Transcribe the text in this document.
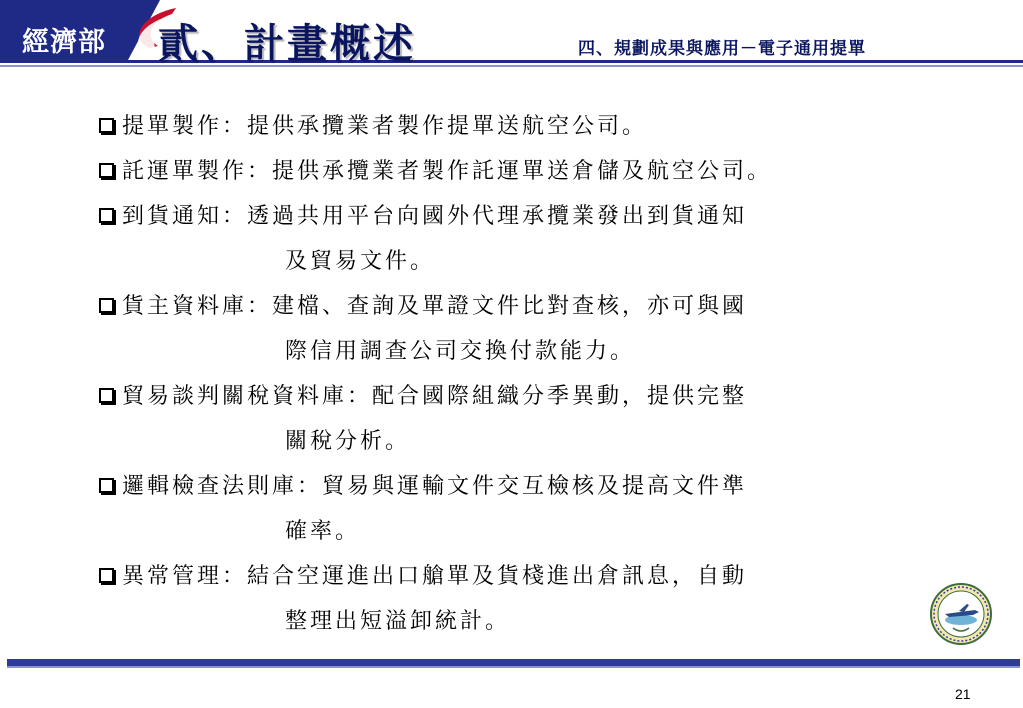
經濟部 貳、計畫概述	四、規劃成果與應用－電子通用提單
提單製作：提供承攬業者製作提單送航空公司。
託運單製作：提供承攬業者製作託運單送倉儲及航空公司。
到貨通知：透過共用平台向國外代理承攬業發出到貨通知
及貿易文件。
貨主資料庫：建檔、查詢及單證文件比對查核，亦可與國
際信用調查公司交換付款能力。
貿易談判關稅資料庫：配合國際組織分季異動，提供完整
關稅分析。
邏輯檢查法則庫：貿易與運輸文件交互檢核及提高文件準
確率。
異常管理：結合空運進出口艙單及貨棧進出倉訊息，自動
整理出短溢卸統計。
21
